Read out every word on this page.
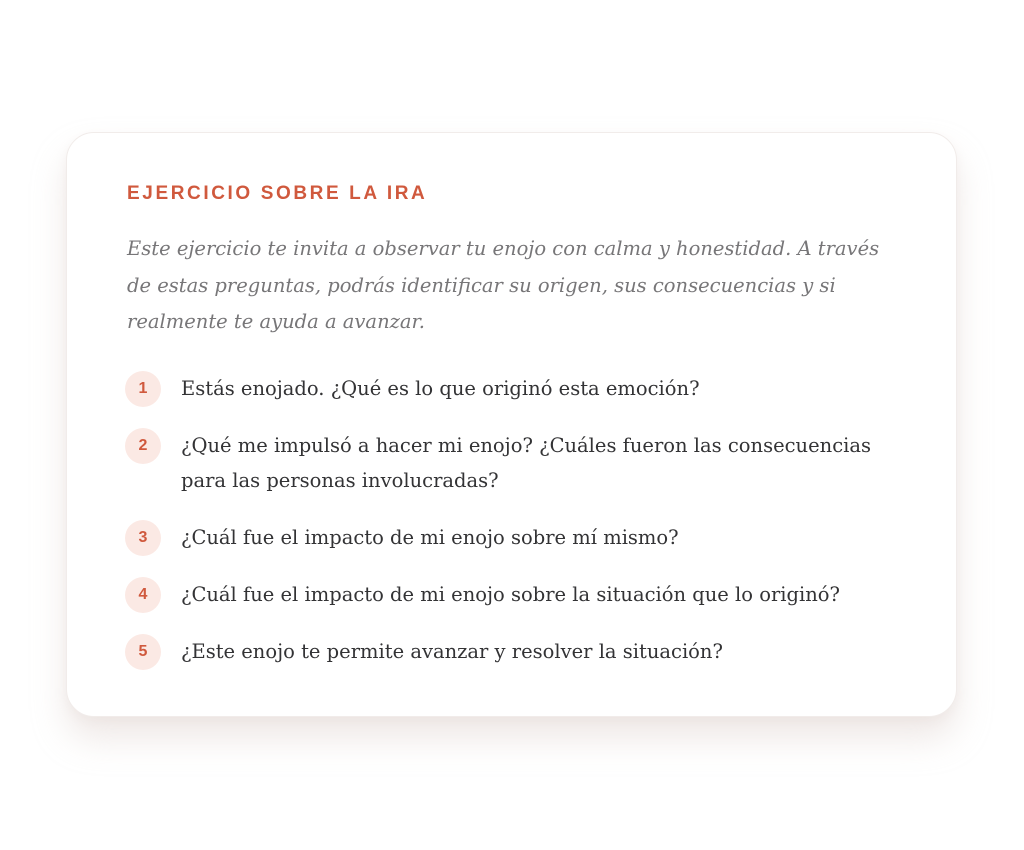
EJERCICIO SOBRE LA IRA

Este ejercicio te invita a observar tu enojo con calma y honestidad. A través de estas preguntas, podrás identificar su origen, sus consecuencias y si realmente te ayuda a avanzar.

1	Estás enojado. ¿Qué es lo que originó esta emoción?
2	¿Qué me impulsó a hacer mi enojo? ¿Cuáles fueron las consecuencias para las personas involucradas?
3	¿Cuál fue el impacto de mi enojo sobre mí mismo?
4	¿Cuál fue el impacto de mi enojo sobre la situación que lo originó?
5	¿Este enojo te permite avanzar y resolver la situación?
